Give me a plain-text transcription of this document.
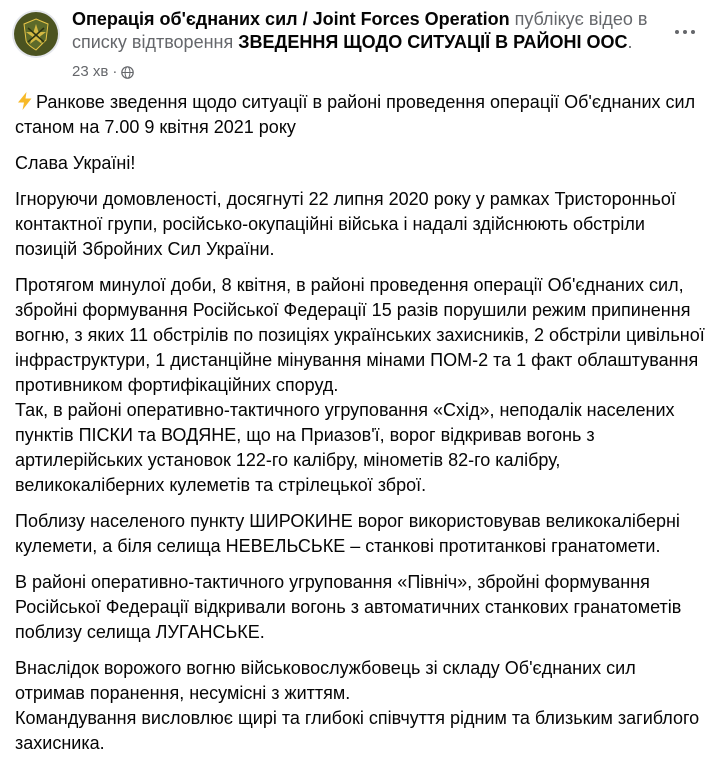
Операція об'єднаних сил / Joint Forces Operation публікує відео в списку відтворення ЗВЕДЕННЯ ЩОДО СИТУАЦІЇ В РАЙОНІ ООС.
23 хв ·

Ранкове зведення щодо ситуації в районі проведення операції Об'єднаних сил станом на 7.00 9 квітня 2021 року

Слава Україні!

Ігноруючи домовленості, досягнуті 22 липня 2020 року у рамках Тристоронньої контактної групи, російсько-окупаційні війська і надалі здійснюють обстріли позицій Збройних Сил України.

Протягом минулої доби, 8 квітня, в районі проведення операції Об'єднаних сил, збройні формування Російської Федерації 15 разів порушили режим припинення вогню, з яких 11 обстрілів по позиціях українських захисників, 2 обстріли цивільної інфраструктури, 1 дистанційне мінування мінами ПОМ-2 та 1 факт облаштування противником фортифікаційних споруд.
Так, в районі оперативно-тактичного угруповання «Схід», неподалік населених пунктів ПІСКИ та ВОДЯНЕ, що на Приазов'ї, ворог відкривав вогонь з артилерійських установок 122-го калібру, мінометів 82-го калібру, великокаліберних кулеметів та стрілецької зброї.

Поблизу населеного пункту ШИРОКИНЕ ворог використовував великокаліберні кулемети, а біля селища НЕВЕЛЬСЬКЕ – станкові протитанкові гранатомети.

В районі оперативно-тактичного угруповання «Північ», збройні формування Російської Федерації відкривали вогонь з автоматичних станкових гранатометів поблизу селища ЛУГАНСЬКЕ.

Внаслідок ворожого вогню військовослужбовець зі складу Об'єднаних сил отримав поранення, несумісні з життям.
Командування висловлює щирі та глибокі співчуття рідним та близьким загиблого захисника.
